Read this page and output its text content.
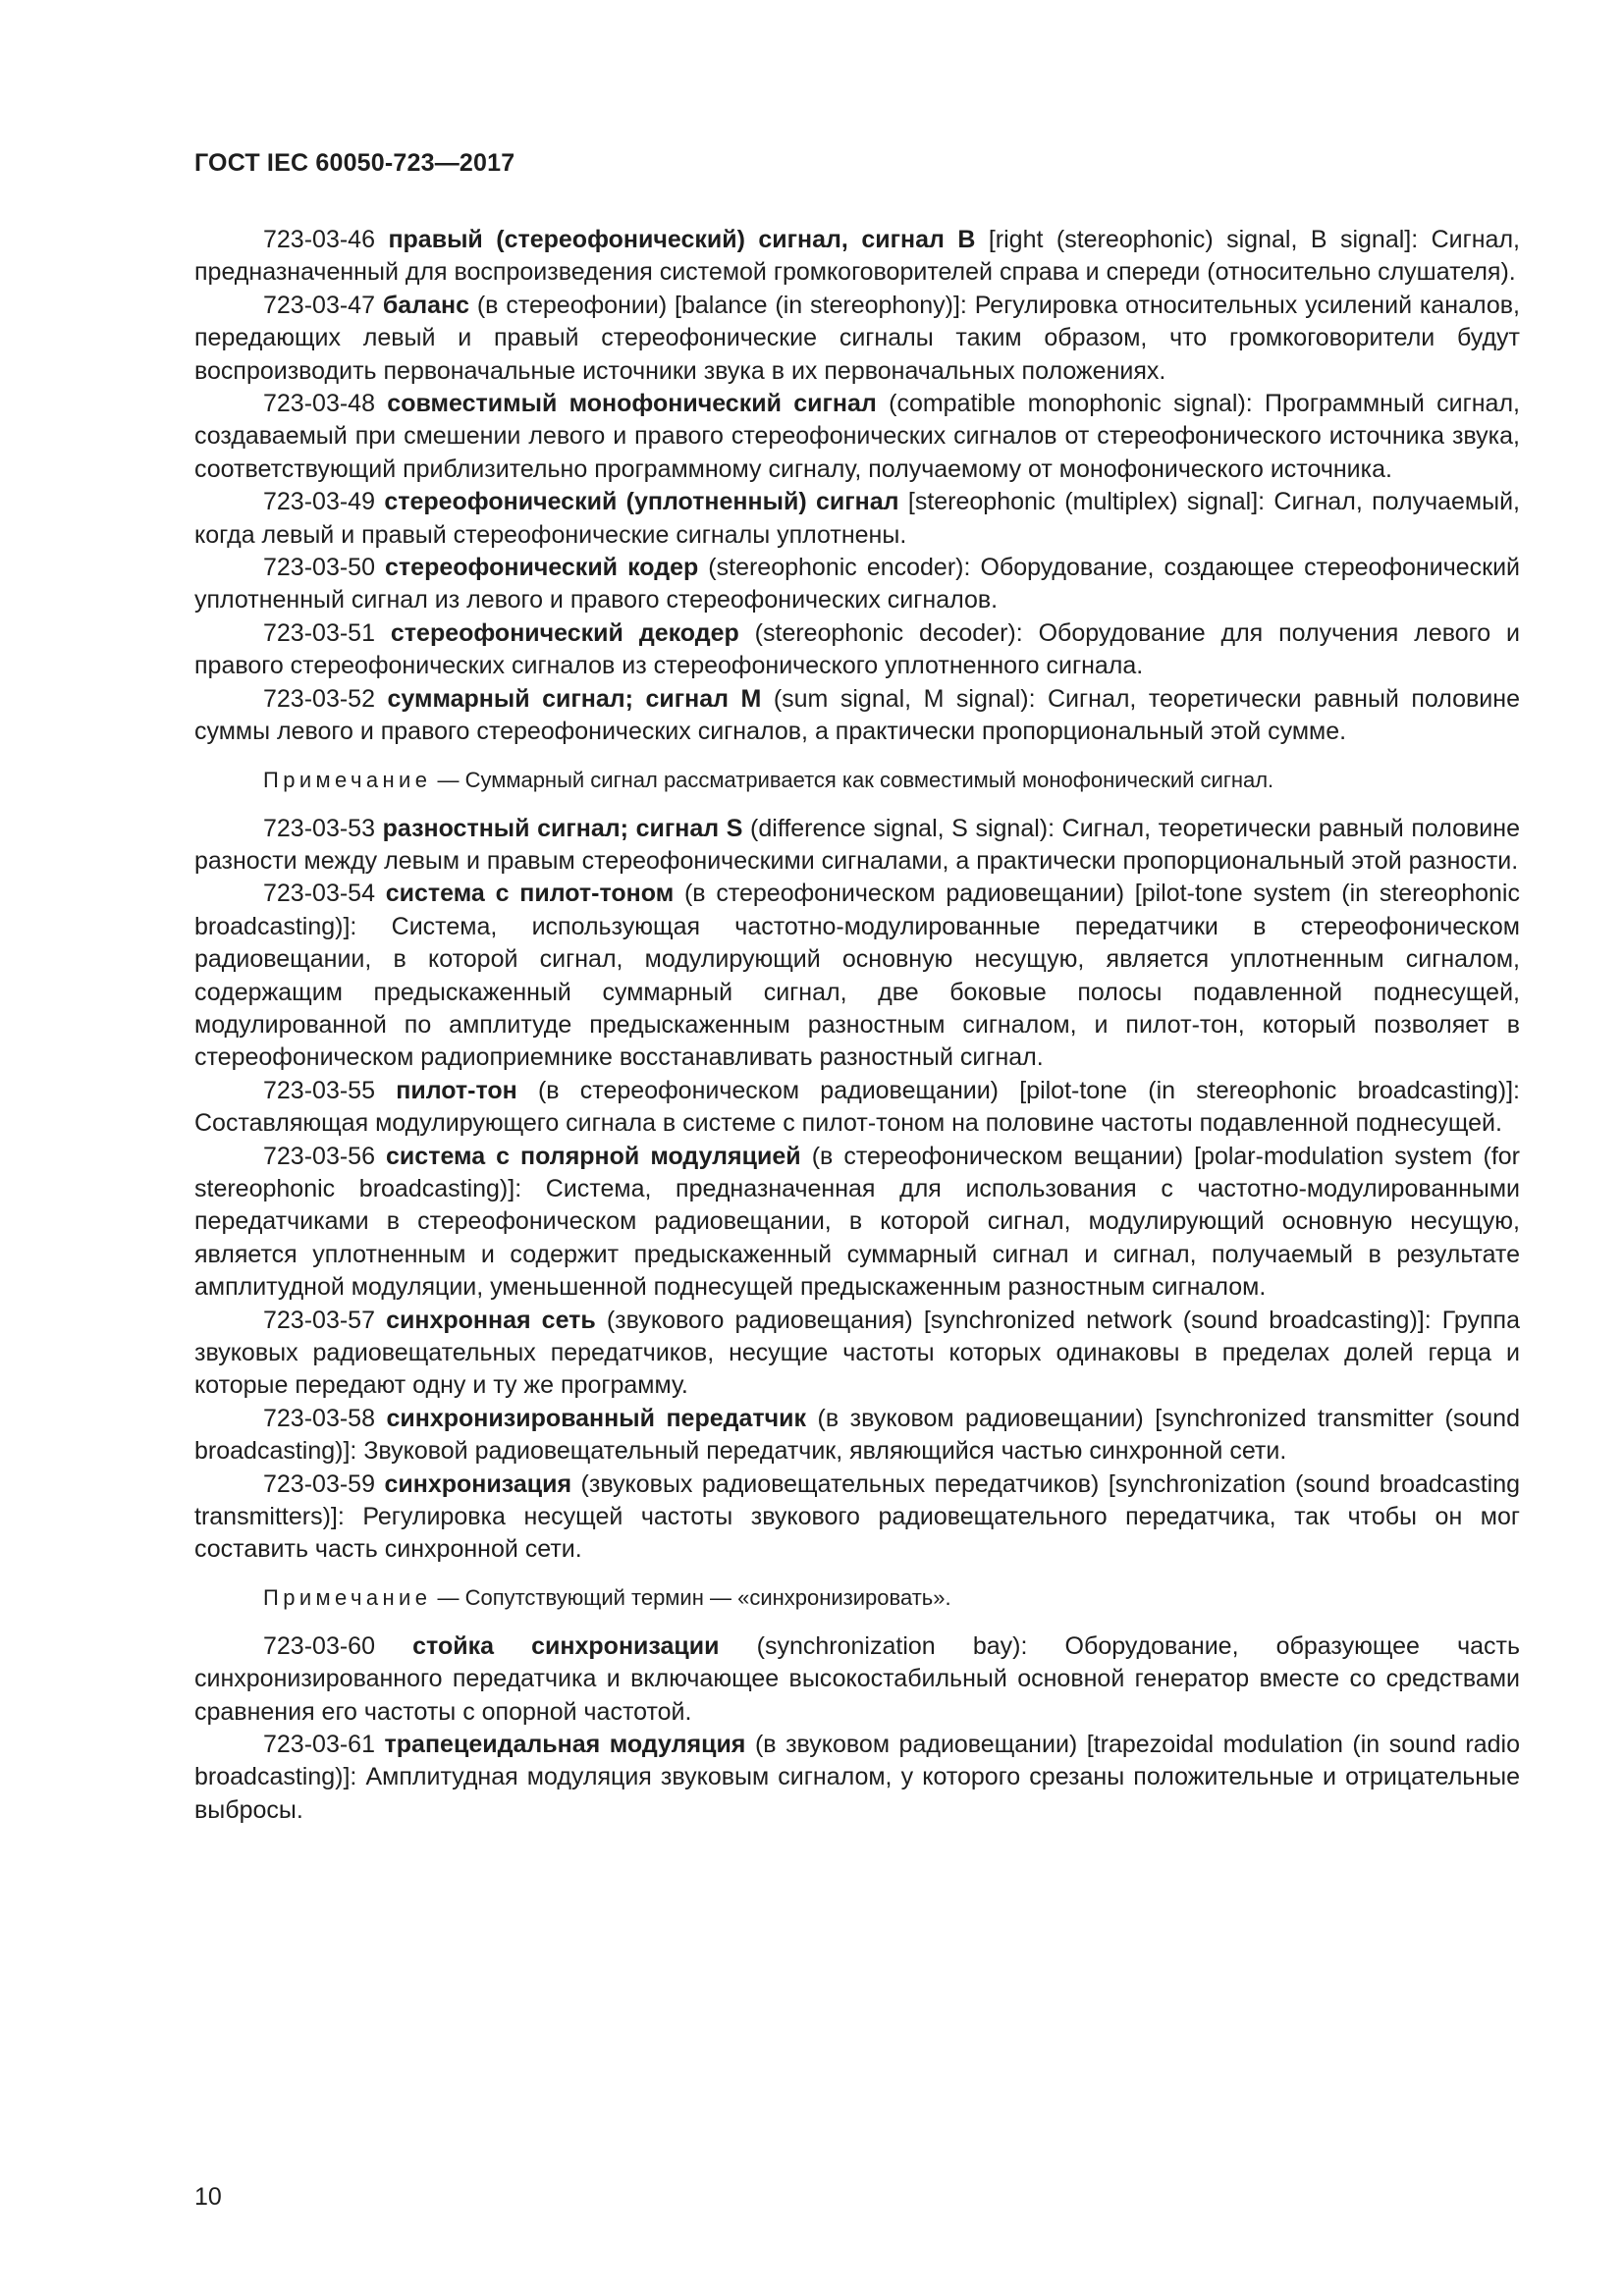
ГОСТ IEC 60050-723—2017

723-03-46 правый (стереофонический) сигнал, сигнал В [right (stereophonic) signal, B signal]: Сигнал, предназначенный для воспроизведения системой громкоговорителей справа и спереди (относительно слушателя).

723-03-47 баланс (в стереофонии) [balance (in stereophony)]: Регулировка относительных усилений каналов, передающих левый и правый стереофонические сигналы таким образом, что громкоговорители будут воспроизводить первоначальные источники звука в их первоначальных положениях.

723-03-48 совместимый монофонический сигнал (compatible monophonic signal): Программный сигнал, создаваемый при смешении левого и правого стереофонических сигналов от стереофонического источника звука, соответствующий приблизительно программному сигналу, получаемому от монофонического источника.

723-03-49 стереофонический (уплотненный) сигнал [stereophonic (multiplex) signal]: Сигнал, получаемый, когда левый и правый стереофонические сигналы уплотнены.

723-03-50 стереофонический кодер (stereophonic encoder): Оборудование, создающее стереофонический уплотненный сигнал из левого и правого стереофонических сигналов.

723-03-51 стереофонический декодер (stereophonic decoder): Оборудование для получения левого и правого стереофонических сигналов из стереофонического уплотненного сигнала.

723-03-52 суммарный сигнал; сигнал М (sum signal, M signal): Сигнал, теоретически равный половине суммы левого и правого стереофонических сигналов, а практически пропорциональный этой сумме.

Примечание — Суммарный сигнал рассматривается как совместимый монофонический сигнал.

723-03-53 разностный сигнал; сигнал S (difference signal, S signal): Сигнал, теоретически равный половине разности между левым и правым стереофоническими сигналами, а практически пропорциональный этой разности.

723-03-54 система с пилот-тоном (в стереофоническом радиовещании) [pilot-tone system (in stereophonic broadcasting)]: Система, использующая частотно-модулированные передатчики в стереофоническом радиовещании, в которой сигнал, модулирующий основную несущую, является уплотненным сигналом, содержащим предыскаженный суммарный сигнал, две боковые полосы подавленной поднесущей, модулированной по амплитуде предыскаженным разностным сигналом, и пилот-тон, который позволяет в стереофоническом радиоприемнике восстанавливать разностный сигнал.

723-03-55 пилот-тон (в стереофоническом радиовещании) [pilot-tone (in stereophonic broadcasting)]: Составляющая модулирующего сигнала в системе с пилот-тоном на половине частоты подавленной поднесущей.

723-03-56 система с полярной модуляцией (в стереофоническом вещании) [polar-modulation system (for stereophonic broadcasting)]: Система, предназначенная для использования с частотно-модулированными передатчиками в стереофоническом радиовещании, в которой сигнал, модулирующий основную несущую, является уплотненным и содержит предыскаженный суммарный сигнал и сигнал, получаемый в результате амплитудной модуляции, уменьшенной поднесущей предыскаженным разностным сигналом.

723-03-57 синхронная сеть (звукового радиовещания) [synchronized network (sound broadcasting)]: Группа звуковых радиовещательных передатчиков, несущие частоты которых одинаковы в пределах долей герца и которые передают одну и ту же программу.

723-03-58 синхронизированный передатчик (в звуковом радиовещании) [synchronized transmitter (sound broadcasting)]: Звуковой радиовещательный передатчик, являющийся частью синхронной сети.

723-03-59 синхронизация (звуковых радиовещательных передатчиков) [synchronization (sound broadcasting transmitters)]: Регулировка несущей частоты звукового радиовещательного передатчика, так чтобы он мог составить часть синхронной сети.

Примечание — Сопутствующий термин — «синхронизировать».

723-03-60 стойка синхронизации (synchronization bay): Оборудование, образующее часть синхронизированного передатчика и включающее высокостабильный основной генератор вместе со средствами сравнения его частоты с опорной частотой.

723-03-61 трапецеидальная модуляция (в звуковом радиовещании) [trapezoidal modulation (in sound radio broadcasting)]: Амплитудная модуляция звуковым сигналом, у которого срезаны положительные и отрицательные выбросы.

10
